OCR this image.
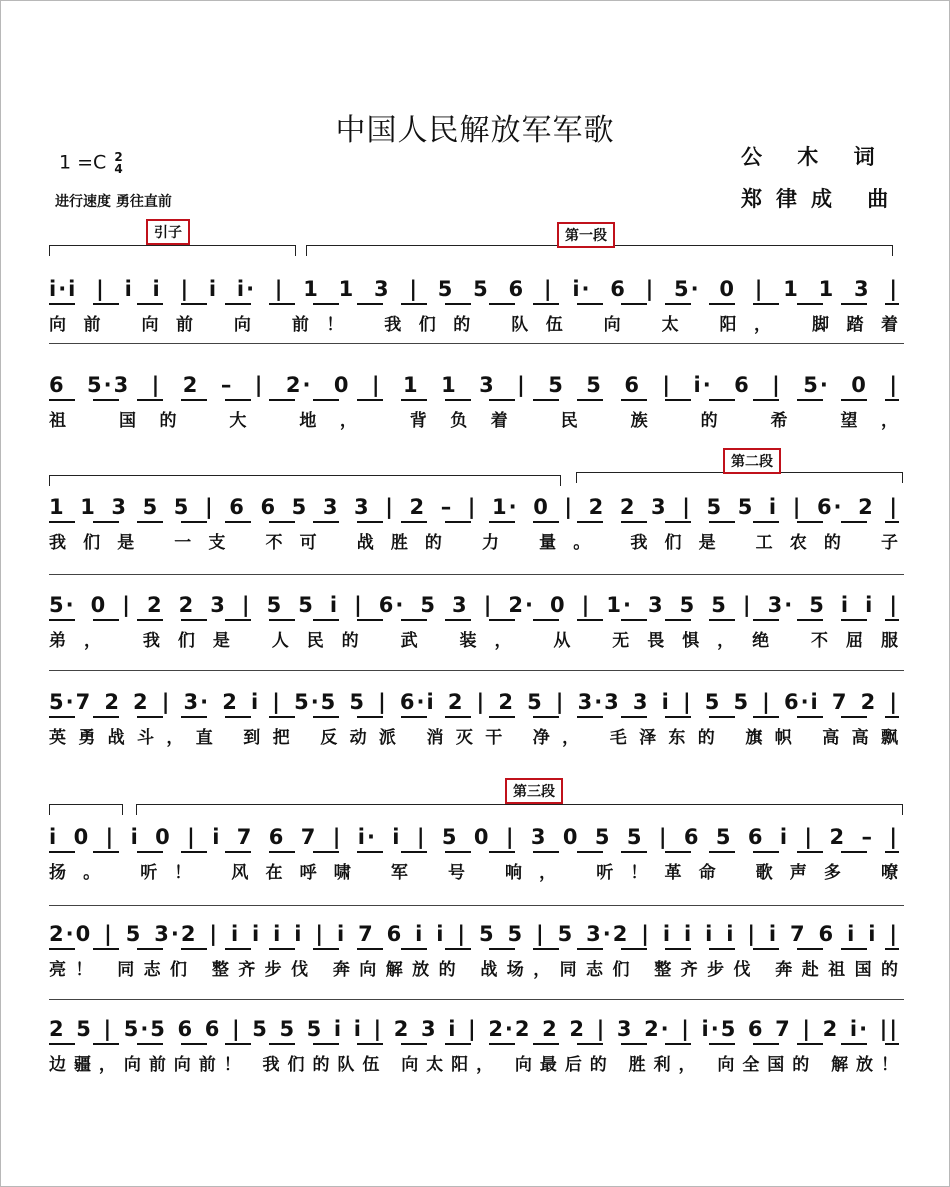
中国人民解放军军歌
1 =C 2
4
进行速度 勇往直前
公 木 词
郑律成 曲
引子	第一段
第二段
第三段
i·i | i i | i i· | 1 1 3 | 5 5 6 | i· 6 | 5· 0 | 1 1 3 |
向前 向前 向 前！ 我们的 队伍 向 太 阳， 脚踏着
6 5·3 | 2 – | 2· 0 | 1 1 3 | 5 5 6 | i· 6 | 5· 0 |
祖 国的 大 地， 背负着 民 族 的 希 望，
1 1 3 5 5 | 6 6 5 3 3 | 2 – | 1· 0 | 2 2 3 | 5 5 i | 6· 2 |
我们是 一支 不可 战胜的 力 量。 我们是 工农的 子
5· 0 | 2 2 3 | 5 5 i | 6· 5 3 | 2· 0 | 1· 3 5 5 | 3· 5 i i |
弟， 我们是 人民的 武 装， 从 无畏惧，绝 不屈服
5·7 2 2 | 3· 2 i | 5·5 5 | 6·i 2 | 2 5 | 3·3 3 i | 5 5 | 6·i 7 2 |
英勇战斗，直 到把 反动派 消灭干 净， 毛泽东的 旗帜 高高飘
i 0 | i 0 | i 7 6 7 | i· i | 5 0 | 3 0 5 5 | 6 5 6 i | 2 – |
扬。 听！ 风在呼啸 军 号 响， 听！革命 歌声多 嘹
2·0 | 5 3·2 | i i i i | i 7 6 i i | 5 5 | 5 3·2 | i i i i | i 7 6 i i |
亮！ 同志们 整齐步伐 奔向解放的 战场，同志们 整齐步伐 奔赴祖国的
2 5 | 5·5 6 6 | 5 5 5 i i | 2 3 i | 2·2 2 2 | 3 2· | i·5 6 7 | 2 i· ||
边疆，向前向前！ 我们的队伍 向太阳， 向最后的 胜利， 向全国的 解放！
